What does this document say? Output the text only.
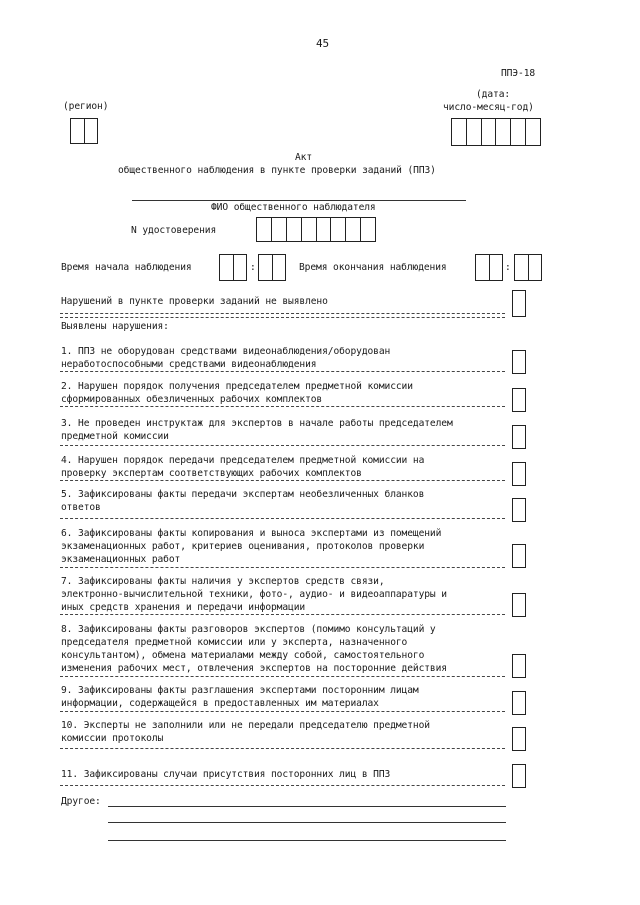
45
ППЭ-18
(регион)
(дата:
число-месяц-год)
Акт
общественного наблюдения в пункте проверки заданий (ППЗ)
ФИО общественного наблюдателя
N удостоверения
Время начала наблюдения	:	Время окончания наблюдения	:
Нарушений в пункте проверки заданий не выявлено
Выявлены нарушения:
1. ППЗ не оборудован средствами видеонаблюдения/оборудован
неработоспособными средствами видеонаблюдения
2. Нарушен порядок получения председателем предметной комиссии
сформированных обезличенных рабочих комплектов
3. Не проведен инструктаж для экспертов в начале работы председателем
предметной комиссии
4. Нарушен порядок передачи председателем предметной комиссии на
проверку экспертам соответствующих рабочих комплектов
5. Зафиксированы факты передачи экспертам необезличенных бланков
ответов
6. Зафиксированы факты копирования и выноса экспертами из помещений
экзаменационных работ, критериев оценивания, протоколов проверки
экзаменационных работ
7. Зафиксированы факты наличия у экспертов средств связи,
электронно-вычислительной техники, фото-, аудио- и видеоаппаратуры и
иных средств хранения и передачи информации
8. Зафиксированы факты разговоров экспертов (помимо консультаций у
председателя предметной комиссии или у эксперта, назначенного
консультантом), обмена материалами между собой, самостоятельного
изменения рабочих мест, отвлечения экспертов на посторонние действия
9. Зафиксированы факты разглашения экспертами посторонним лицам
информации, содержащейся в предоставленных им материалах
10. Эксперты не заполнили или не передали председателю предметной
комиссии протоколы
11. Зафиксированы случаи присутствия посторонних лиц в ППЗ
Другое:
